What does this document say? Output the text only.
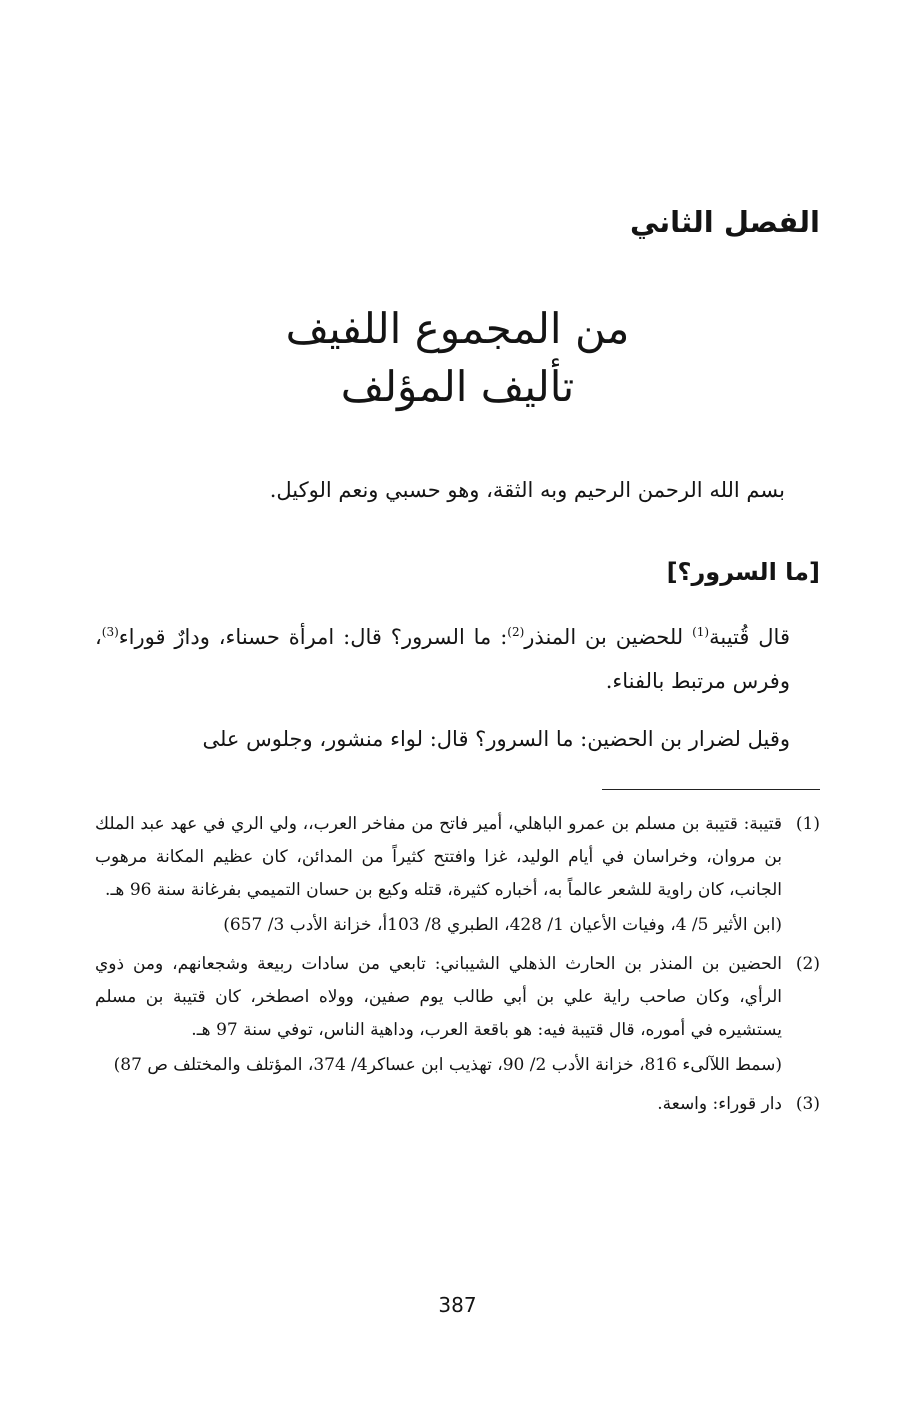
الفصل الثاني
من المجموع اللفيف
تأليف المؤلف
بسم الله الرحمن الرحيم وبه الثقة، وهو حسبي ونعم الوكيل.
[ما السرور؟]

قال قُتيبة$^{(1)}$ للحضين بن المنذر$^{(2)}$: ما السرور؟ قال: امرأة حسناء، ودارٌ قوراء$^{(3)}$، وفرس مرتبط بالفناء.

وقيل لضرار بن الحضين: ما السرور؟ قال: لواء منشور، وجلوس على

(1)
قتيبة: قتيبة بن مسلم بن عمرو الباهلي، أمير فاتح من مفاخر العرب،، ولي الري في عهد عبد الملك بن مروان، وخراسان في أيام الوليد، غزا وافتتح كثيراً من المدائن، كان عظيم المكانة مرهوب الجانب، كان راوية للشعر عالماً به، أخباره كثيرة، قتله وكيع بن حسان التميمي بفرغانة سنة 96 هـ.
(ابن الأثير 5/ 4، وفيات الأعيان 1/ 428، الطبري 8/ 103أ، خزانة الأدب 3/ 657)
(2)
الحضين بن المنذر بن الحارث الذهلي الشيباني: تابعي من سادات ربيعة وشجعانهم، ومن ذوي الرأي، وكان صاحب راية علي بن أبي طالب يوم صفين، وولاه اصطخر، كان قتيبة بن مسلم يستشيره في أموره، قال قتيبة فيه: هو باقعة العرب، وداهية الناس، توفي سنة 97 هـ.
(سمط اللآلىء 816، خزانة الأدب 2/ 90، تهذيب ابن عساكر4/ 374، المؤتلف والمختلف ص 87)
(3)
دار قوراء: واسعة.
387
